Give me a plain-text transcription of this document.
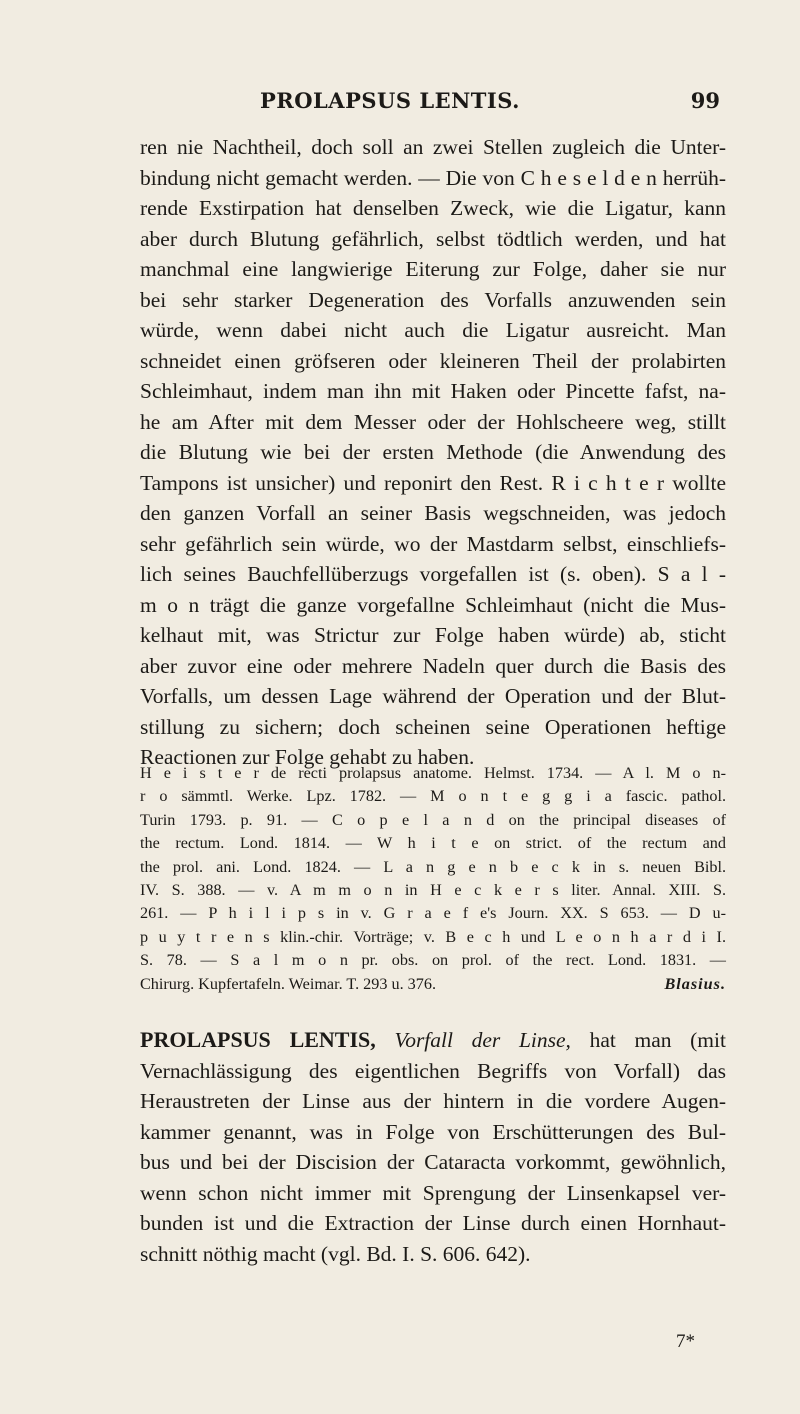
PROLAPSUS LENTIS.	99
ren nie Nachtheil, doch soll an zwei Stellen zugleich die Unter-
bindung nicht gemacht werden. — Die von C h e s e l d e n herrüh-
rende Exstirpation hat denselben Zweck, wie die Ligatur, kann
aber durch Blutung gefährlich, selbst tödtlich werden, und hat
manchmal eine langwierige Eiterung zur Folge, daher sie nur
bei sehr starker Degeneration des Vorfalls anzuwenden sein
würde, wenn dabei nicht auch die Ligatur ausreicht. Man
schneidet einen gröfseren oder kleineren Theil der prolabirten
Schleimhaut, indem man ihn mit Haken oder Pincette fafst, na-
he am After mit dem Messer oder der Hohlscheere weg, stillt
die Blutung wie bei der ersten Methode (die Anwendung des
Tampons ist unsicher) und reponirt den Rest. R i c h t e r wollte
den ganzen Vorfall an seiner Basis wegschneiden, was jedoch
sehr gefährlich sein würde, wo der Mastdarm selbst, einschliefs-
lich seines Bauchfellüberzugs vorgefallen ist (s. oben). S a l -
m o n trägt die ganze vorgefallne Schleimhaut (nicht die Mus-
kelhaut mit, was Strictur zur Folge haben würde) ab, sticht
aber zuvor eine oder mehrere Nadeln quer durch die Basis des
Vorfalls, um dessen Lage während der Operation und der Blut-
stillung zu sichern; doch scheinen seine Operationen heftige
Reactionen zur Folge gehabt zu haben.
H e i s t e r de recti prolapsus anatome. Helmst. 1734. — A l. M o n-
r o sämmtl. Werke. Lpz. 1782. — M o n t e g g i a fascic. pathol.
Turin 1793. p. 91. — C o p e l a n d on the principal diseases of
the rectum. Lond. 1814. — W h i t e on strict. of the rectum and
the prol. ani. Lond. 1824. — L a n g e n b e c k in s. neuen Bibl.
IV. S. 388. — v. A m m o n in H e c k e r s liter. Annal. XIII. S.
261. — P h i l i p s in v. G r a e f e's Journ. XX. S 653. — D u-
p u y t r e n s klin.-chir. Vorträge; v. B e c h und L e o n h a r d i I.
S. 78. — S a l m o n pr. obs. on prol. of the rect. Lond. 1831. —
Chirurg. Kupfertafeln. Weimar. T. 293 u. 376.	Blasius.
PROLAPSUS LENTIS, Vorfall der Linse, hat man (mit
Vernachlässigung des eigentlichen Begriffs von Vorfall) das
Heraustreten der Linse aus der hintern in die vordere Augen-
kammer genannt, was in Folge von Erschütterungen des Bul-
bus und bei der Discision der Cataracta vorkommt, gewöhnlich,
wenn schon nicht immer mit Sprengung der Linsenkapsel ver-
bunden ist und die Extraction der Linse durch einen Hornhaut-
schnitt nöthig macht (vgl. Bd. I. S. 606. 642).
7*
